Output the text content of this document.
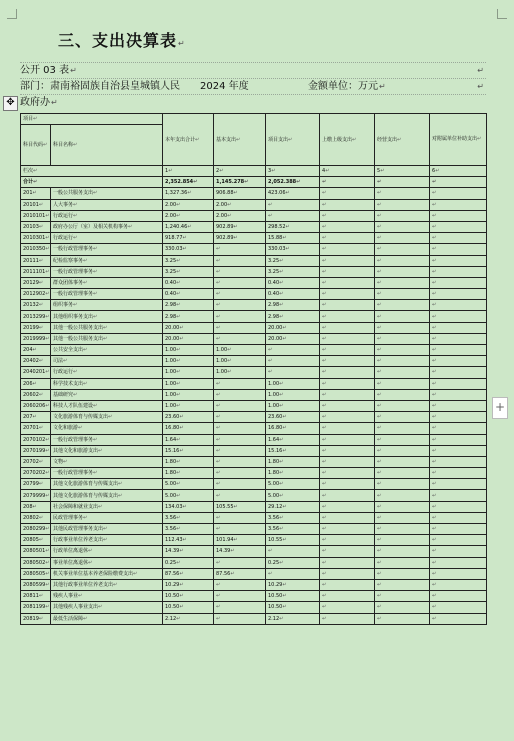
三、支出决算表↵
✥
公开 03 表↵	↵
部门：肃南裕固族自治县皇城镇人民 2024 年度	金额单位：万元↵	↵
政府办↵
+
项目↵		本年支出合计↵	基本支出↵	项目支出↵	上缴上级支出↵	经营支出↵	对附属单位补助支出↵
科目代码↵	科目名称↵						
栏次↵		1↵	2↵	3↵	4↵	5↵	6↵
合计↵		2,352.854↵	1,145.278↵	2,052.388↵	↵	↵	↵
201↵	一般公共服务支出↵	1,327.36↵	906.88↵	423.06↵	↵	↵	↵
20101↵	人大事务↵	2.00↵	2.00↵	↵	↵	↵	↵
2010101↵	行政运行↵	2.00↵	2.00↵	↵	↵	↵	↵
20103↵	政府办公厅（室）及相关机构事务↵	1,240.46↵	902.89↵	298.52↵	↵	↵	↵
2010301↵	行政运行↵	918.77↵	902.89↵	15.88↵	↵	↵	↵
2010350↵	一般行政管理事务↵	330.03↵	↵	330.03↵	↵	↵	↵
20111↵	纪检监察事务↵	3.25↵	↵	3.25↵	↵	↵	↵
2011101↵	一般行政管理事务↵	3.25↵	↵	3.25↵	↵	↵	↵
20129↵	群众团体事务↵	0.40↵	↵	0.40↵	↵	↵	↵
2012902↵	一般行政管理事务↵	0.40↵	↵	0.40↵	↵	↵	↵
20132↵	组织事务↵	2.98↵	↵	2.98↵	↵	↵	↵
2013299↵	其他组织事务支出↵	2.98↵	↵	2.98↵	↵	↵	↵
20199↵	其他一般公共服务支出↵	20.00↵	↵	20.00↵	↵	↵	↵
2019999↵	其他一般公共服务支出↵	20.00↵	↵	20.00↵	↵	↵	↵
204↵	公共安全支出↵	1.00↵	1.00↵	↵	↵	↵	↵
20402↵	司法↵	1.00↵	1.00↵	↵	↵	↵	↵
2040201↵	行政运行↵	1.00↵	1.00↵	↵	↵	↵	↵
206↵	科学技术支出↵	1.00↵	↵	1.00↵	↵	↵	↵
20602↵	基础研究↵	1.00↵	↵	1.00↵	↵	↵	↵
2060206↵	科技人才队伍建设↵	1.00↵	↵	1.00↵	↵	↵	↵
207↵	文化旅游体育与传媒支出↵	23.60↵	↵	23.60↵	↵	↵	↵
20701↵	文化和旅游↵	16.80↵	↵	16.80↵	↵	↵	↵
2070102↵	一般行政管理事务↵	1.64↵	↵	1.64↵	↵	↵	↵
2070199↵	其他文化和旅游支出↵	15.16↵	↵	15.16↵	↵	↵	↵
20702↵	文物↵	1.80↵	↵	1.80↵	↵	↵	↵
2070202↵	一般行政管理事务↵	1.80↵	↵	1.80↵	↵	↵	↵
20799↵	其他文化旅游体育与传媒支出↵	5.00↵	↵	5.00↵	↵	↵	↵
2079999↵	其他文化旅游体育与传媒支出↵	5.00↵	↵	5.00↵	↵	↵	↵
208↵	社会保障和就业支出↵	134.03↵	105.55↵	29.12↵	↵	↵	↵
20802↵	民政管理事务↵	3.56↵	↵	3.56↵	↵	↵	↵
2080299↵	其他民政管理事务支出↵	3.56↵	↵	3.56↵	↵	↵	↵
20805↵	行政事业单位养老支出↵	112.43↵	101.94↵	10.55↵	↵	↵	↵
2080501↵	行政单位离退休↵	14.39↵	14.39↵	↵	↵	↵	↵
2080502↵	事业单位离退休↵	0.25↵	↵	0.25↵	↵	↵	↵
2080505↵	机关事业单位基本养老保险缴费支出↵	87.56↵	87.56↵	↵	↵	↵	↵
2080599↵	其他行政事业单位养老支出↵	10.29↵	↵	10.29↵	↵	↵	↵
20811↵	残疾人事业↵	10.50↵	↵	10.50↵	↵	↵	↵
2081199↵	其他残疾人事业支出↵	10.50↵	↵	10.50↵	↵	↵	↵
20819↵	最低生活保障↵	2.12↵	↵	2.12↵	↵	↵	↵
